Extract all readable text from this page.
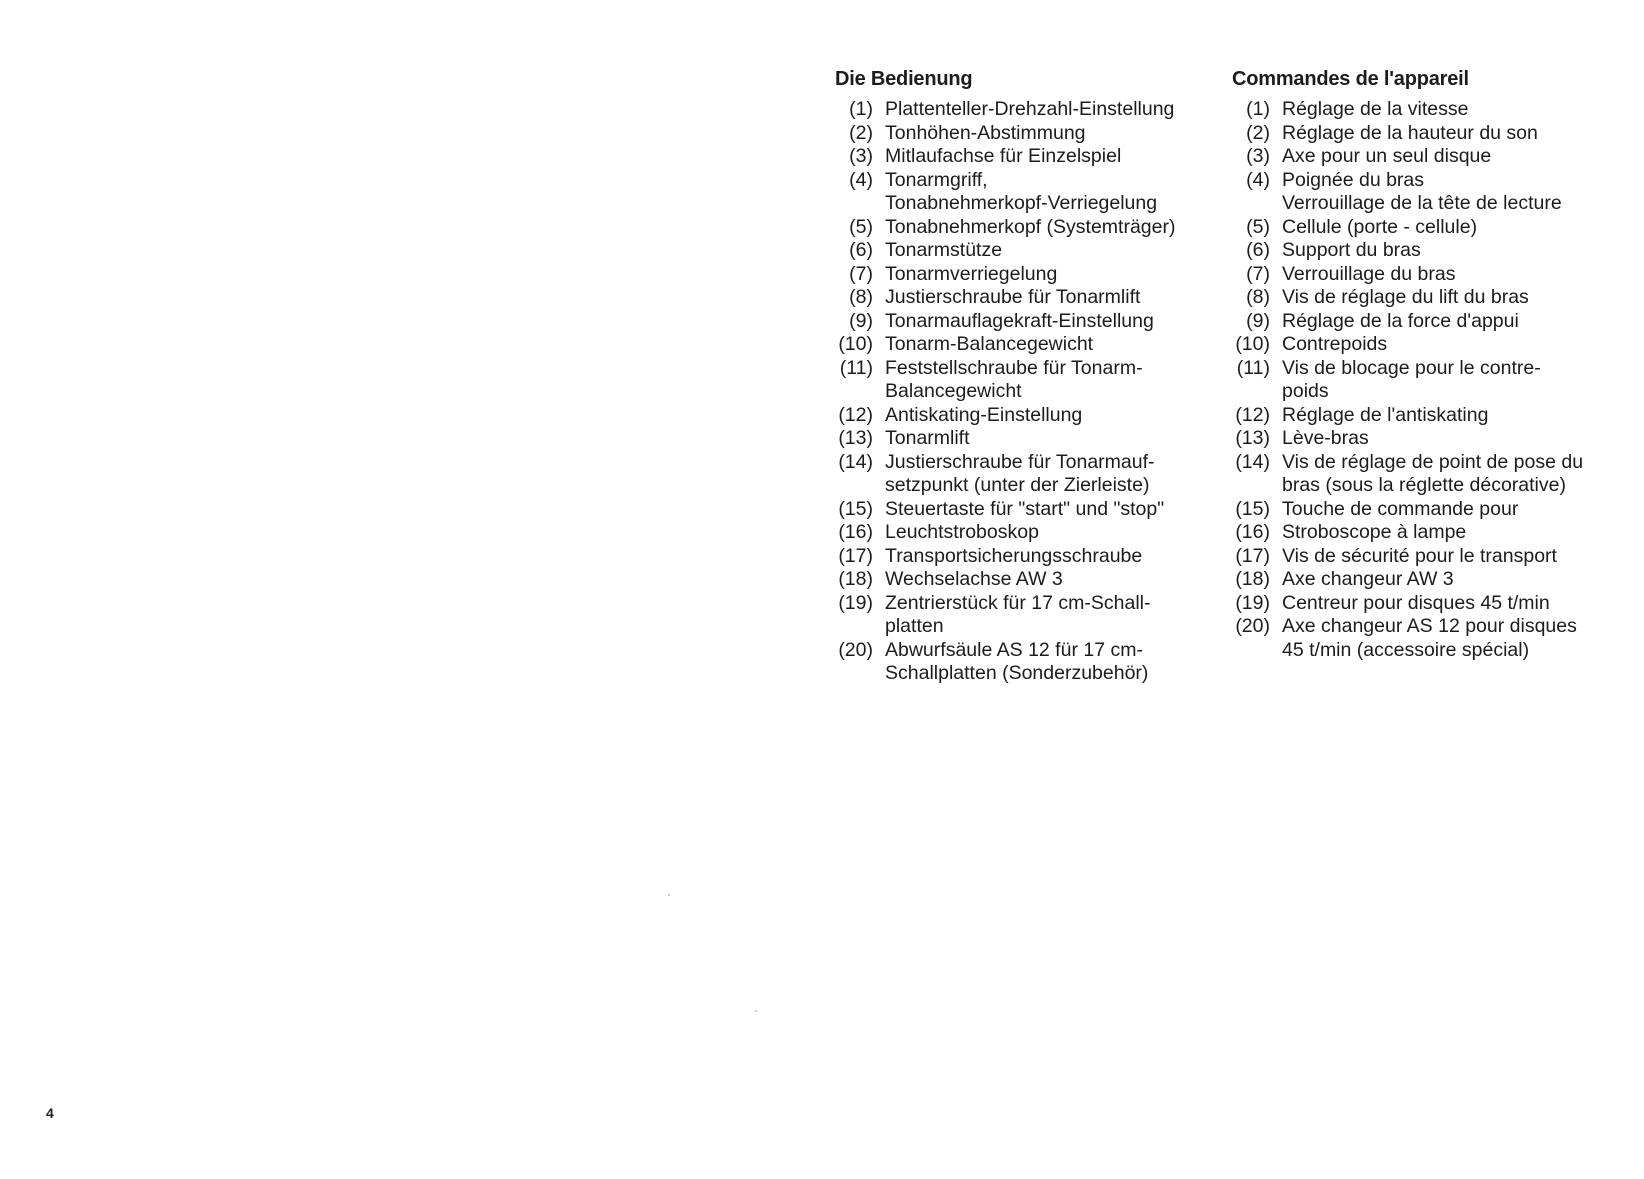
Die Bedienung
(1) Plattenteller-Drehzahl-Einstellung
(2) Tonhöhen-Abstimmung
(3) Mitlaufachse für Einzelspiel
(4) Tonarmgriff,
Tonabnehmerkopf-Verriegelung
(5) Tonabnehmerkopf (Systemträger)
(6) Tonarmstütze
(7) Tonarmverriegelung
(8) Justierschraube für Tonarmlift
(9) Tonarmauflagekraft-Einstellung
(10) Tonarm-Balancegewicht
(11) Feststellschraube für Tonarm-
Balancegewicht
(12) Antiskating-Einstellung
(13) Tonarmlift
(14) Justierschraube für Tonarmauf-
setzpunkt (unter der Zierleiste)
(15) Steuertaste für "start" und "stop"
(16) Leuchtstroboskop
(17) Transportsicherungsschraube
(18) Wechselachse AW 3
(19) Zentrierstück für 17 cm-Schall-
platten
(20) Abwurfsäule AS 12 für 17 cm-
Schallplatten (Sonderzubehör)
Commandes de l'appareil
(1) Réglage de la vitesse
(2) Réglage de la hauteur du son
(3) Axe pour un seul disque
(4) Poignée du bras
Verrouillage de la tête de lecture
(5) Cellule (porte - cellule)
(6) Support du bras
(7) Verrouillage du bras
(8) Vis de réglage du lift du bras
(9) Réglage de la force d'appui
(10) Contrepoids
(11) Vis de blocage pour le contre-
poids
(12) Réglage de l'antiskating
(13) Lève-bras
(14) Vis de réglage de point de pose du
bras (sous la réglette décorative)
(15) Touche de commande pour
(16) Stroboscope à lampe
(17) Vis de sécurité pour le transport
(18) Axe changeur AW 3
(19) Centreur pour disques 45 t/min
(20) Axe changeur AS 12 pour disques
45 t/min (accessoire spécial)
4
